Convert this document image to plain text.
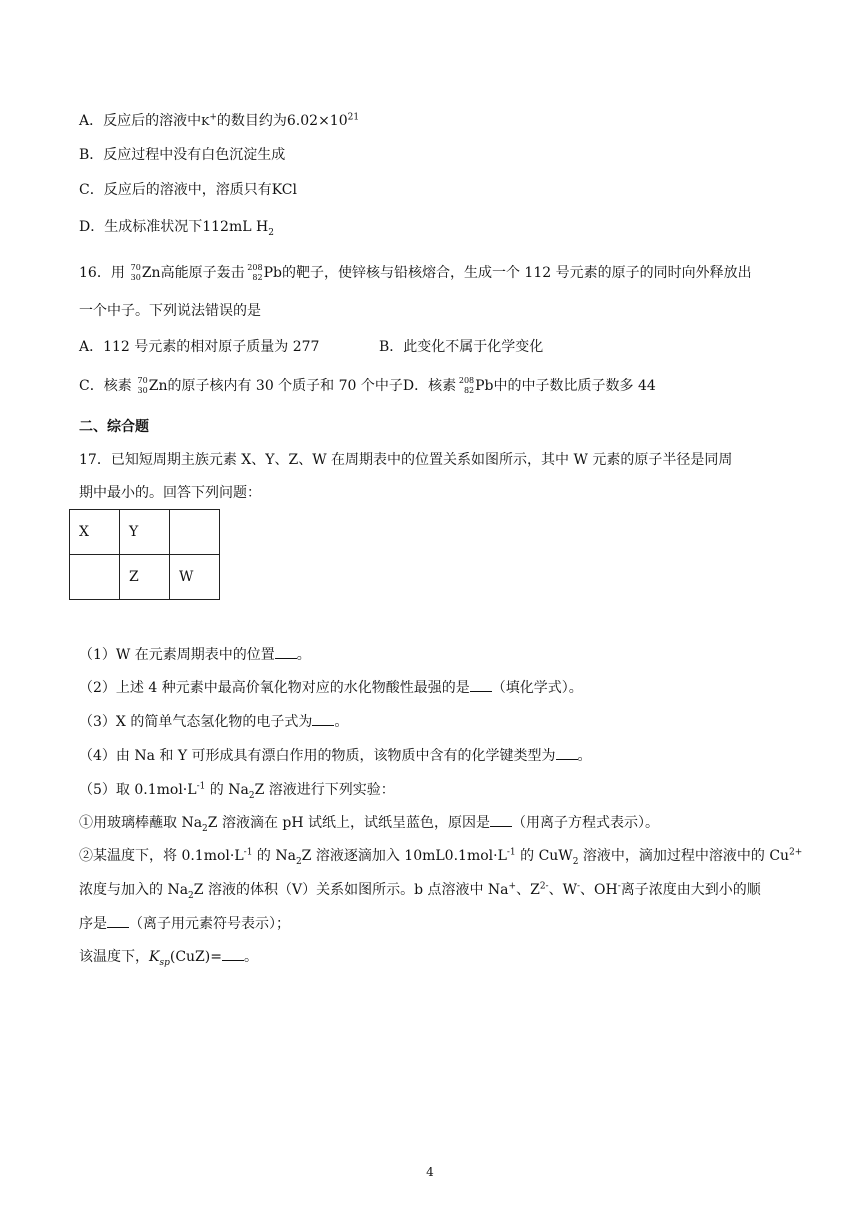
A．反应后的溶液中K+的数目约为$6.02\times 10^{21}$
B．反应过程中没有白色沉淀生成
C．反应后的溶液中，溶质只有KCl
D．生成标准状况下112mL $H_2$
16．用 70
30 Zn高能原子轰击 208
82 Pb的靶子，使锌核与铅核熔合，生成一个 112 号元素的原子的同时向外释放出
一个中子。下列说法错误的是
A．112 号元素的相对原子质量为 277	B．此变化不属于化学变化
C．核素 70
30 Zn的原子核内有 30 个质子和 70 个中子D．核素 208
82 Pb中的中子数比质子数多 44
二、综合题
17．已知短周期主族元素 X、Y、Z、W 在周期表中的位置关系如图所示，其中 W 元素的原子半径是同周
期中最小的。回答下列问题：
X	Y	
	Z	W
（1）W 在元素周期表中的位置 。
（2）上述 4 种元素中最高价氧化物对应的水化物酸性最强的是 （填化学式）。
（3）X 的简单气态氢化物的电子式为 。
（4）由 Na 和 Y 可形成具有漂白作用的物质，该物质中含有的化学键类型为 。
（5）取 $0.1mol\cdot L^{-1}$ 的 $Na_2Z$ 溶液进行下列实验：
①用玻璃棒蘸取 $Na_2Z$ 溶液滴在 pH 试纸上，试纸呈蓝色，原因是 （用离子方程式表示）。
②某温度下，将 $0.1mol\cdot L^{-1}$ 的 $Na_2Z$ 溶液逐滴加入 $10mL0.1mol\cdot L^{-1}$ 的 CuW$_2$ 溶液中，滴加过程中溶液中的 $Cu^{2+}$
浓度与加入的 $Na_2Z$ 溶液的体积（V）关系如图所示。b 点溶液中 Na+、$Z^{2-}$、W-、OH-离子浓度由大到小的顺
序是 （离子用元素符号表示）；
该温度下，$K_{sp}(CuZ)=$ 。
4
